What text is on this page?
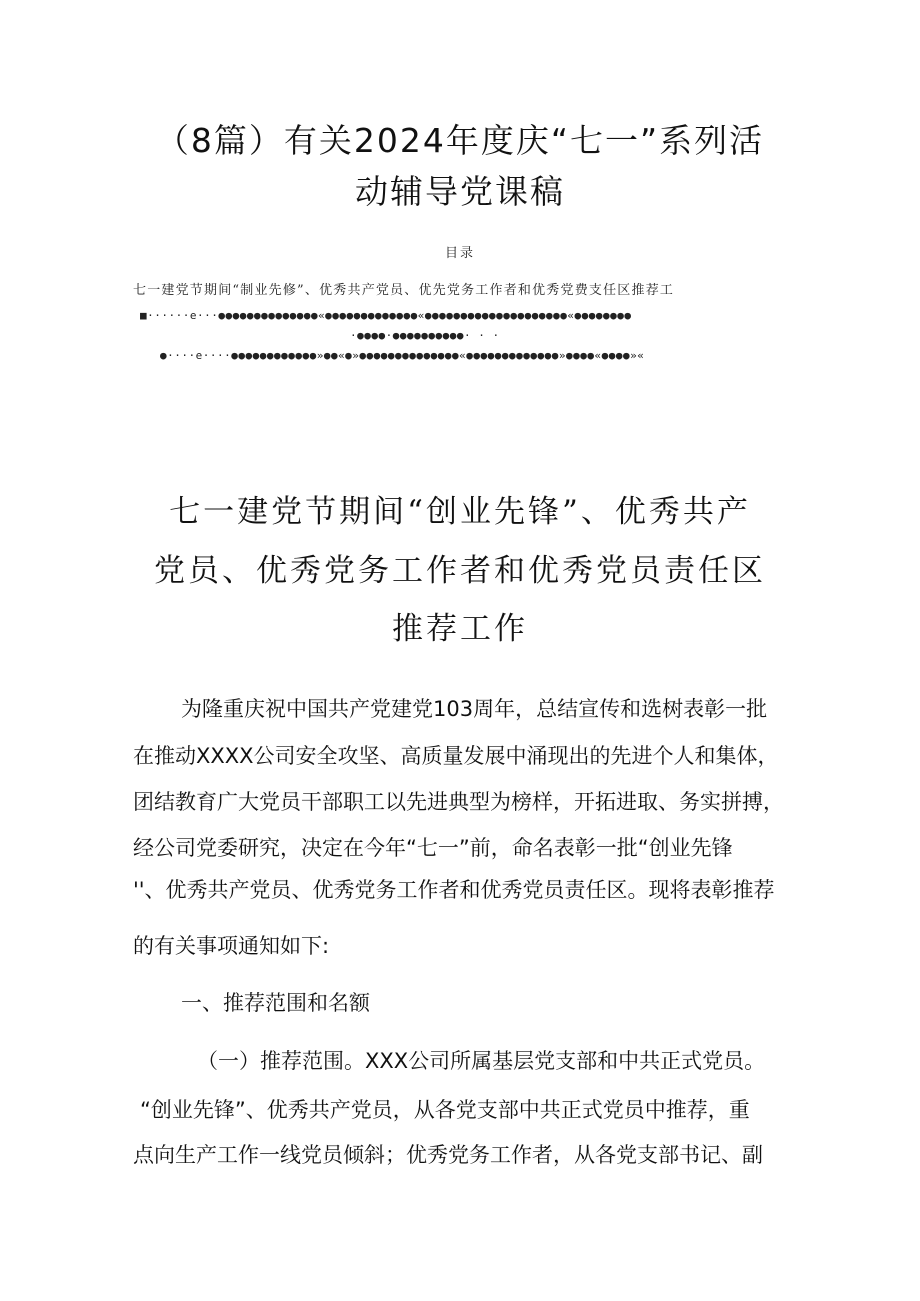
（8篇）有关2024年度庆“七一”系列活
动辅导党课稿
目录
七一建党节期间“制业先修”、优秀共产党员、优先党务工作者和优秀党费支任区推荐工
■······e···●●●●●●●●●●●●●●«●●●●●●●●●●●●●«●●●●●●●●●●●●●●●●●●●●«●●●●●●●●
·●●●●·●●●●●●●●●●· · ·
●····e····●●●●●●●●●●●●»●●«●»●●●●●●●●●●●●●●«●●●●●●●●●●●●●»●●●●«●●●●»«
七一建党节期间“创业先锋”、优秀共产
党员、优秀党务工作者和优秀党员责任区
推荐工作
为隆重庆祝中国共产党建党103周年，总结宣传和选树表彰一批
在推动XXXX公司安全攻坚、高质量发展中涌现出的先进个人和集体，
团结教育广大党员干部职工以先进典型为榜样，开拓进取、务实拼搏，
经公司党委研究，决定在今年“七一”前，命名表彰一批“创业先锋
''、优秀共产党员、优秀党务工作者和优秀党员责任区。现将表彰推荐
的有关事项通知如下:
一、推荐范围和名额
（一）推荐范围。XXX公司所属基层党支部和中共正式党员。
“创业先锋”、优秀共产党员，从各党支部中共正式党员中推荐，重
点向生产工作一线党员倾斜；优秀党务工作者，从各党支部书记、副
